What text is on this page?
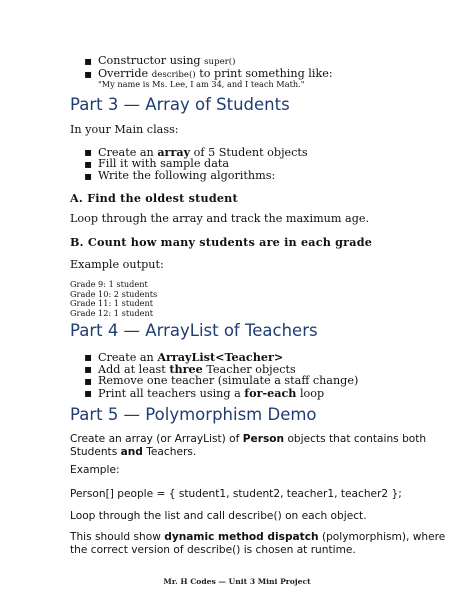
▪ Constructor using super()
▪ Override describe() to print something like:
"My name is Ms. Lee, I am 34, and I teach Math."
Part 3 — Array of Students
In your Main class:
▪ Create an array of 5 Student objects
▪ Fill it with sample data
▪ Write the following algorithms:
A. Find the oldest student
Loop through the array and track the maximum age.
B. Count how many students are in each grade
Example output:
Grade 9: 1 student
Grade 10: 2 students
Grade 11: 1 student
Grade 12: 1 student
Part 4 — ArrayList of Teachers
▪ Create an ArrayList<Teacher>
▪ Add at least three Teacher objects
▪ Remove one teacher (simulate a staff change)
▪ Print all teachers using a for-each loop
Part 5 — Polymorphism Demo
Create an array (or ArrayList) of Person objects that contains both
Students and Teachers.
Example:
Person[] people = { student1, student2, teacher1, teacher2 };
Loop through the list and call describe() on each object.
This should show dynamic method dispatch (polymorphism), where
the correct version of describe() is chosen at runtime.
Mr. H Codes — Unit 3 Mini Project
